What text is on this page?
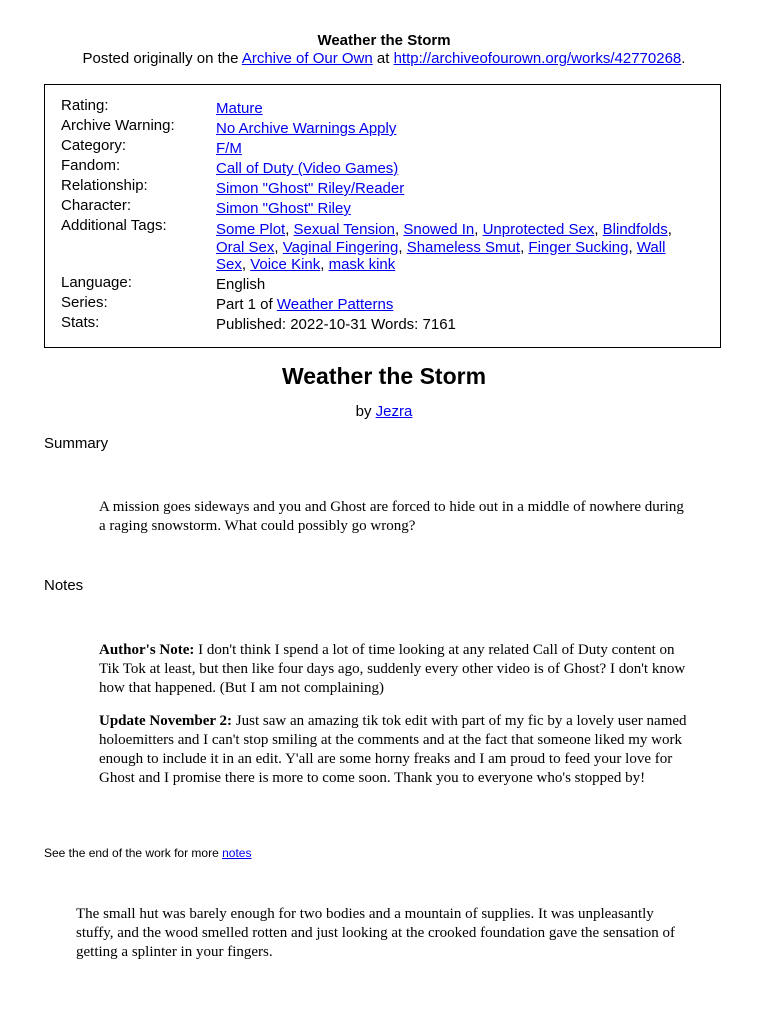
Weather the Storm
Posted originally on the Archive of Our Own at http://archiveofourown.org/works/42770268.
Rating:	Mature
Archive Warning:	No Archive Warnings Apply
Category:	F/M
Fandom:	Call of Duty (Video Games)
Relationship:	Simon "Ghost" Riley/Reader
Character:	Simon "Ghost" Riley
Additional Tags:	Some Plot, Sexual Tension, Snowed In, Unprotected Sex, Blindfolds, Oral Sex, Vaginal Fingering, Shameless Smut, Finger Sucking, Wall Sex, Voice Kink, mask kink
Language:	English
Series:	Part 1 of Weather Patterns
Stats:	Published: 2022-10-31 Words: 7161
Weather the Storm
by Jezra
Summary
A mission goes sideways and you and Ghost are forced to hide out in a middle of nowhere during a raging snowstorm. What could possibly go wrong?
Notes

Author's Note: I don't think I spend a lot of time looking at any related Call of Duty content on Tik Tok at least, but then like four days ago, suddenly every other video is of Ghost? I don't know how that happened. (But I am not complaining)

Update November 2: Just saw an amazing tik tok edit with part of my fic by a lovely user named holoemitters and I can't stop smiling at the comments and at the fact that someone liked my work enough to include it in an edit. Y'all are some horny freaks and I am proud to feed your love for Ghost and I promise there is more to come soon. Thank you to everyone who's stopped by!

See the end of the work for more notes
The small hut was barely enough for two bodies and a mountain of supplies. It was unpleasantly stuffy, and the wood smelled rotten and just looking at the crooked foundation gave the sensation of getting a splinter in your fingers.
